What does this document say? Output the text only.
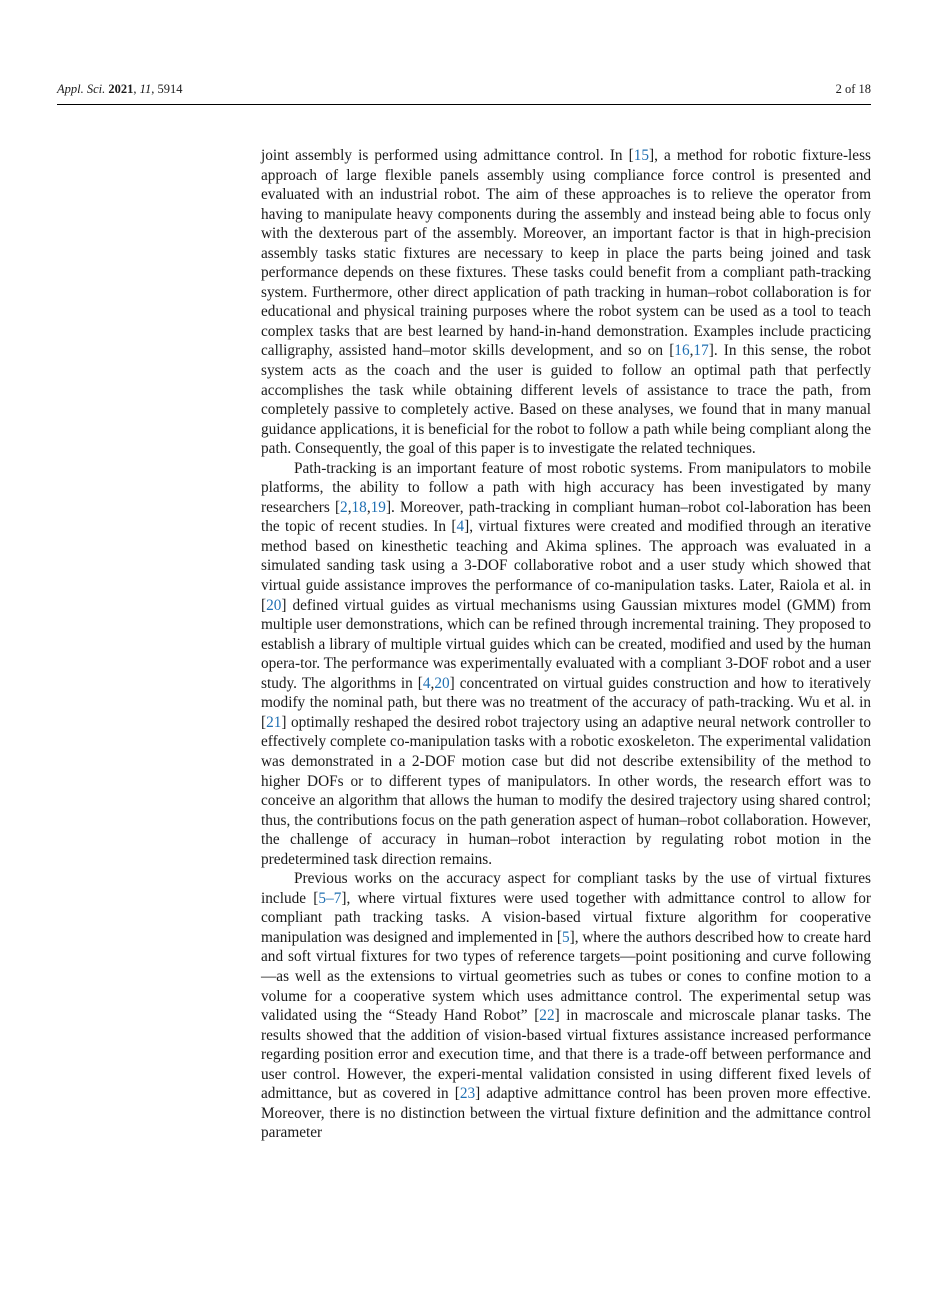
Appl. Sci. 2021, 11, 5914	2 of 18

joint assembly is performed using admittance control. In [15], a method for robotic fixture-less approach of large flexible panels assembly using compliance force control is presented and evaluated with an industrial robot. The aim of these approaches is to relieve the operator from having to manipulate heavy components during the assembly and instead being able to focus only with the dexterous part of the assembly. Moreover, an important factor is that in high-precision assembly tasks static fixtures are necessary to keep in place the parts being joined and task performance depends on these fixtures. These tasks could benefit from a compliant path-tracking system. Furthermore, other direct application of path tracking in human–robot collaboration is for educational and physical training purposes where the robot system can be used as a tool to teach complex tasks that are best learned by hand-in-hand demonstration. Examples include practicing calligraphy, assisted hand–motor skills development, and so on [16,17]. In this sense, the robot system acts as the coach and the user is guided to follow an optimal path that perfectly accomplishes the task while obtaining different levels of assistance to trace the path, from completely passive to completely active. Based on these analyses, we found that in many manual guidance applications, it is beneficial for the robot to follow a path while being compliant along the path. Consequently, the goal of this paper is to investigate the related techniques.

Path-tracking is an important feature of most robotic systems. From manipulators to mobile platforms, the ability to follow a path with high accuracy has been investigated by many researchers [2,18,19]. Moreover, path-tracking in compliant human–robot col-laboration has been the topic of recent studies. In [4], virtual fixtures were created and modified through an iterative method based on kinesthetic teaching and Akima splines. The approach was evaluated in a simulated sanding task using a 3-DOF collaborative robot and a user study which showed that virtual guide assistance improves the performance of co-manipulation tasks. Later, Raiola et al. in [20] defined virtual guides as virtual mechanisms using Gaussian mixtures model (GMM) from multiple user demonstrations, which can be refined through incremental training. They proposed to establish a library of multiple virtual guides which can be created, modified and used by the human opera-tor. The performance was experimentally evaluated with a compliant 3-DOF robot and a user study. The algorithms in [4,20] concentrated on virtual guides construction and how to iteratively modify the nominal path, but there was no treatment of the accuracy of path-tracking. Wu et al. in [21] optimally reshaped the desired robot trajectory using an adaptive neural network controller to effectively complete co-manipulation tasks with a robotic exoskeleton. The experimental validation was demonstrated in a 2-DOF motion case but did not describe extensibility of the method to higher DOFs or to different types of manipulators. In other words, the research effort was to conceive an algorithm that allows the human to modify the desired trajectory using shared control; thus, the contributions focus on the path generation aspect of human–robot collaboration. However, the challenge of accuracy in human–robot interaction by regulating robot motion in the predetermined task direction remains.

Previous works on the accuracy aspect for compliant tasks by the use of virtual fixtures include [5–7], where virtual fixtures were used together with admittance control to allow for compliant path tracking tasks. A vision-based virtual fixture algorithm for cooperative manipulation was designed and implemented in [5], where the authors described how to create hard and soft virtual fixtures for two types of reference targets—point positioning and curve following—as well as the extensions to virtual geometries such as tubes or cones to confine motion to a volume for a cooperative system which uses admittance control. The experimental setup was validated using the “Steady Hand Robot” [22] in macroscale and microscale planar tasks. The results showed that the addition of vision-based virtual fixtures assistance increased performance regarding position error and execution time, and that there is a trade-off between performance and user control. However, the experi-mental validation consisted in using different fixed levels of admittance, but as covered in [23] adaptive admittance control has been proven more effective. Moreover, there is no distinction between the virtual fixture definition and the admittance control parameter
